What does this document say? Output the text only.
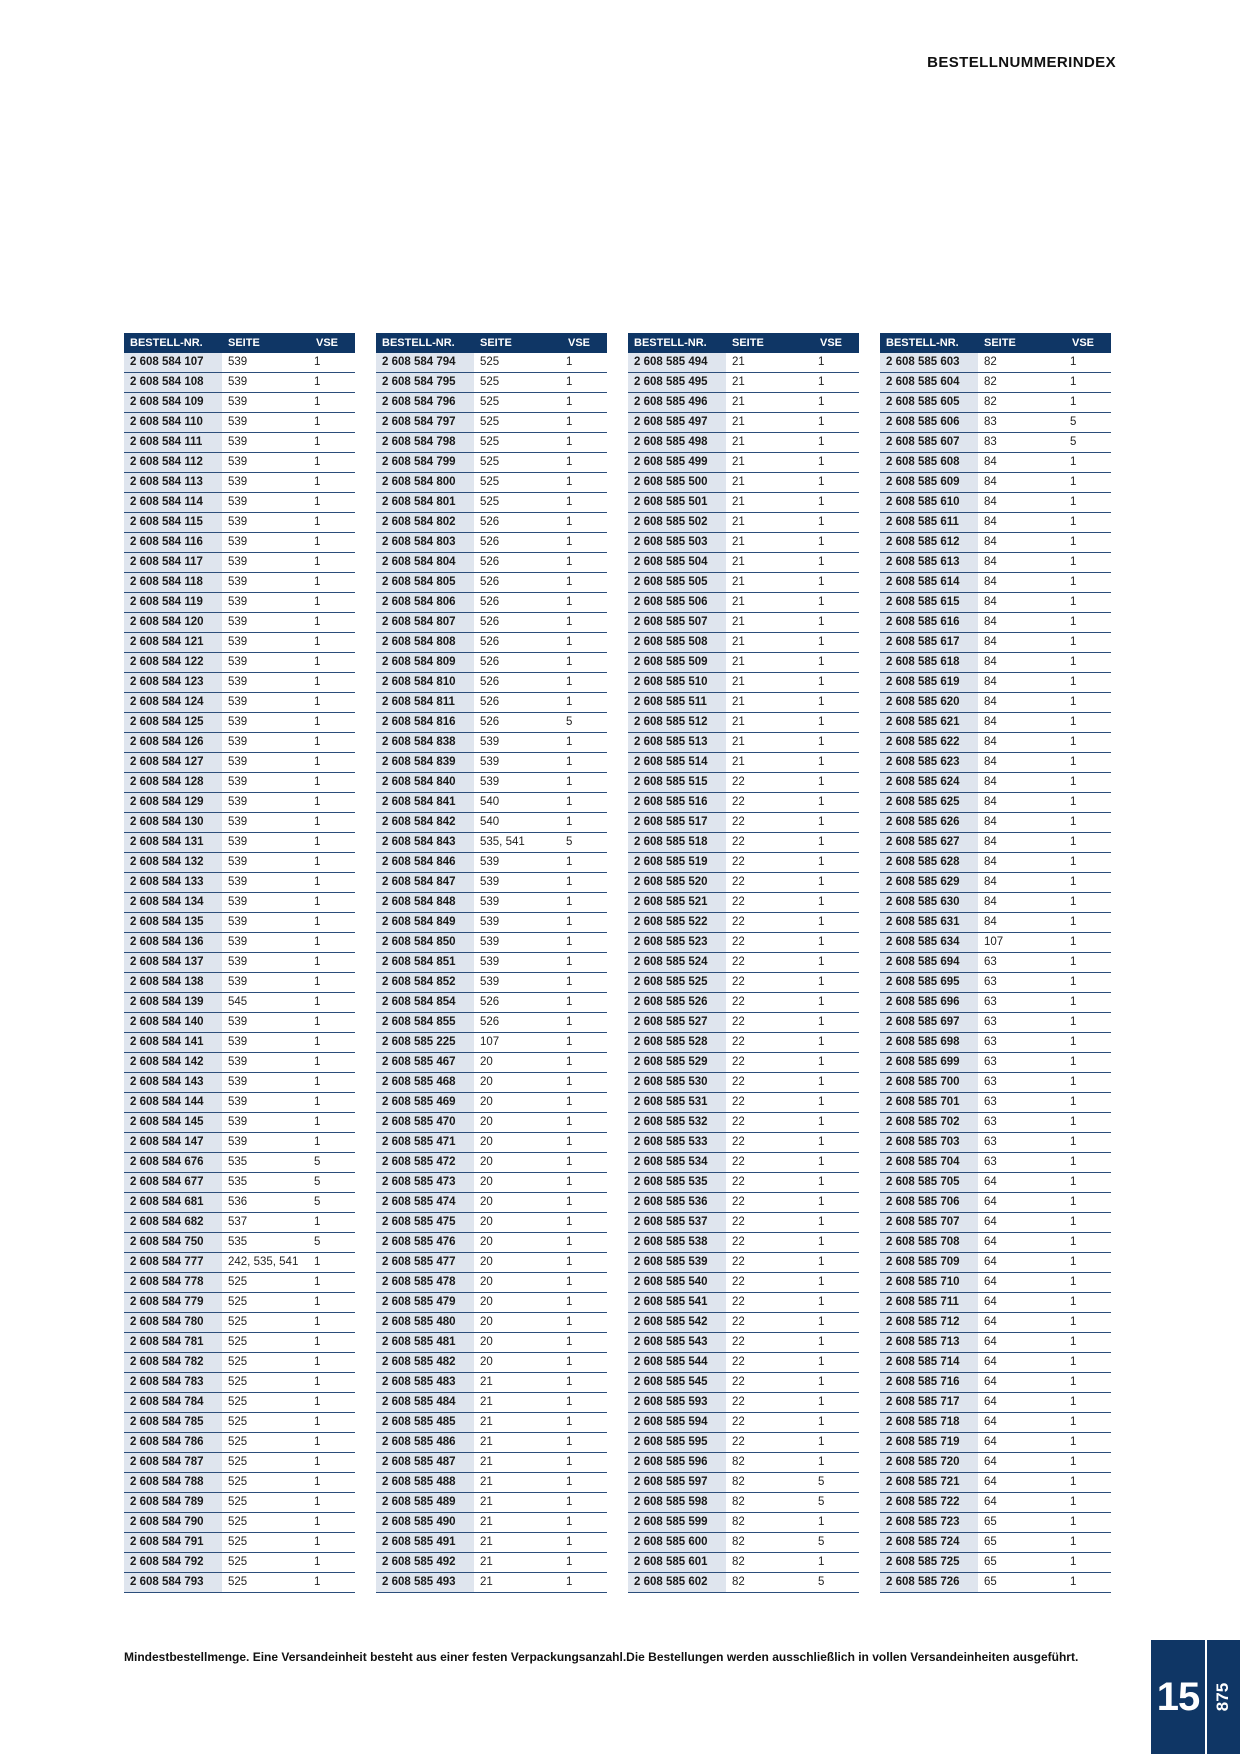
BESTELLNUMMERINDEX
BESTELL-NR.	SEITE	VSE
2 608 584 107	539	1
2 608 584 108	539	1
2 608 584 109	539	1
2 608 584 110	539	1
2 608 584 111	539	1
2 608 584 112	539	1
2 608 584 113	539	1
2 608 584 114	539	1
2 608 584 115	539	1
2 608 584 116	539	1
2 608 584 117	539	1
2 608 584 118	539	1
2 608 584 119	539	1
2 608 584 120	539	1
2 608 584 121	539	1
2 608 584 122	539	1
2 608 584 123	539	1
2 608 584 124	539	1
2 608 584 125	539	1
2 608 584 126	539	1
2 608 584 127	539	1
2 608 584 128	539	1
2 608 584 129	539	1
2 608 584 130	539	1
2 608 584 131	539	1
2 608 584 132	539	1
2 608 584 133	539	1
2 608 584 134	539	1
2 608 584 135	539	1
2 608 584 136	539	1
2 608 584 137	539	1
2 608 584 138	539	1
2 608 584 139	545	1
2 608 584 140	539	1
2 608 584 141	539	1
2 608 584 142	539	1
2 608 584 143	539	1
2 608 584 144	539	1
2 608 584 145	539	1
2 608 584 147	539	1
2 608 584 676	535	5
2 608 584 677	535	5
2 608 584 681	536	5
2 608 584 682	537	1
2 608 584 750	535	5
2 608 584 777	242, 535, 541	1
2 608 584 778	525	1
2 608 584 779	525	1
2 608 584 780	525	1
2 608 584 781	525	1
2 608 584 782	525	1
2 608 584 783	525	1
2 608 584 784	525	1
2 608 584 785	525	1
2 608 584 786	525	1
2 608 584 787	525	1
2 608 584 788	525	1
2 608 584 789	525	1
2 608 584 790	525	1
2 608 584 791	525	1
2 608 584 792	525	1
2 608 584 793	525	1
BESTELL-NR.	SEITE	VSE
2 608 584 794	525	1
2 608 584 795	525	1
2 608 584 796	525	1
2 608 584 797	525	1
2 608 584 798	525	1
2 608 584 799	525	1
2 608 584 800	525	1
2 608 584 801	525	1
2 608 584 802	526	1
2 608 584 803	526	1
2 608 584 804	526	1
2 608 584 805	526	1
2 608 584 806	526	1
2 608 584 807	526	1
2 608 584 808	526	1
2 608 584 809	526	1
2 608 584 810	526	1
2 608 584 811	526	1
2 608 584 816	526	5
2 608 584 838	539	1
2 608 584 839	539	1
2 608 584 840	539	1
2 608 584 841	540	1
2 608 584 842	540	1
2 608 584 843	535, 541	5
2 608 584 846	539	1
2 608 584 847	539	1
2 608 584 848	539	1
2 608 584 849	539	1
2 608 584 850	539	1
2 608 584 851	539	1
2 608 584 852	539	1
2 608 584 854	526	1
2 608 584 855	526	1
2 608 585 225	107	1
2 608 585 467	20	1
2 608 585 468	20	1
2 608 585 469	20	1
2 608 585 470	20	1
2 608 585 471	20	1
2 608 585 472	20	1
2 608 585 473	20	1
2 608 585 474	20	1
2 608 585 475	20	1
2 608 585 476	20	1
2 608 585 477	20	1
2 608 585 478	20	1
2 608 585 479	20	1
2 608 585 480	20	1
2 608 585 481	20	1
2 608 585 482	20	1
2 608 585 483	21	1
2 608 585 484	21	1
2 608 585 485	21	1
2 608 585 486	21	1
2 608 585 487	21	1
2 608 585 488	21	1
2 608 585 489	21	1
2 608 585 490	21	1
2 608 585 491	21	1
2 608 585 492	21	1
2 608 585 493	21	1
BESTELL-NR.	SEITE	VSE
2 608 585 494	21	1
2 608 585 495	21	1
2 608 585 496	21	1
2 608 585 497	21	1
2 608 585 498	21	1
2 608 585 499	21	1
2 608 585 500	21	1
2 608 585 501	21	1
2 608 585 502	21	1
2 608 585 503	21	1
2 608 585 504	21	1
2 608 585 505	21	1
2 608 585 506	21	1
2 608 585 507	21	1
2 608 585 508	21	1
2 608 585 509	21	1
2 608 585 510	21	1
2 608 585 511	21	1
2 608 585 512	21	1
2 608 585 513	21	1
2 608 585 514	21	1
2 608 585 515	22	1
2 608 585 516	22	1
2 608 585 517	22	1
2 608 585 518	22	1
2 608 585 519	22	1
2 608 585 520	22	1
2 608 585 521	22	1
2 608 585 522	22	1
2 608 585 523	22	1
2 608 585 524	22	1
2 608 585 525	22	1
2 608 585 526	22	1
2 608 585 527	22	1
2 608 585 528	22	1
2 608 585 529	22	1
2 608 585 530	22	1
2 608 585 531	22	1
2 608 585 532	22	1
2 608 585 533	22	1
2 608 585 534	22	1
2 608 585 535	22	1
2 608 585 536	22	1
2 608 585 537	22	1
2 608 585 538	22	1
2 608 585 539	22	1
2 608 585 540	22	1
2 608 585 541	22	1
2 608 585 542	22	1
2 608 585 543	22	1
2 608 585 544	22	1
2 608 585 545	22	1
2 608 585 593	22	1
2 608 585 594	22	1
2 608 585 595	22	1
2 608 585 596	82	1
2 608 585 597	82	5
2 608 585 598	82	5
2 608 585 599	82	1
2 608 585 600	82	5
2 608 585 601	82	1
2 608 585 602	82	5
BESTELL-NR.	SEITE	VSE
2 608 585 603	82	1
2 608 585 604	82	1
2 608 585 605	82	1
2 608 585 606	83	5
2 608 585 607	83	5
2 608 585 608	84	1
2 608 585 609	84	1
2 608 585 610	84	1
2 608 585 611	84	1
2 608 585 612	84	1
2 608 585 613	84	1
2 608 585 614	84	1
2 608 585 615	84	1
2 608 585 616	84	1
2 608 585 617	84	1
2 608 585 618	84	1
2 608 585 619	84	1
2 608 585 620	84	1
2 608 585 621	84	1
2 608 585 622	84	1
2 608 585 623	84	1
2 608 585 624	84	1
2 608 585 625	84	1
2 608 585 626	84	1
2 608 585 627	84	1
2 608 585 628	84	1
2 608 585 629	84	1
2 608 585 630	84	1
2 608 585 631	84	1
2 608 585 634	107	1
2 608 585 694	63	1
2 608 585 695	63	1
2 608 585 696	63	1
2 608 585 697	63	1
2 608 585 698	63	1
2 608 585 699	63	1
2 608 585 700	63	1
2 608 585 701	63	1
2 608 585 702	63	1
2 608 585 703	63	1
2 608 585 704	63	1
2 608 585 705	64	1
2 608 585 706	64	1
2 608 585 707	64	1
2 608 585 708	64	1
2 608 585 709	64	1
2 608 585 710	64	1
2 608 585 711	64	1
2 608 585 712	64	1
2 608 585 713	64	1
2 608 585 714	64	1
2 608 585 716	64	1
2 608 585 717	64	1
2 608 585 718	64	1
2 608 585 719	64	1
2 608 585 720	64	1
2 608 585 721	64	1
2 608 585 722	64	1
2 608 585 723	65	1
2 608 585 724	65	1
2 608 585 725	65	1
2 608 585 726	65	1
Mindestbestellmenge. Eine Versandeinheit besteht aus einer festen Verpackungsanzahl.Die Bestellungen werden ausschließlich in vollen Versandeinheiten ausgeführt.
15 875
